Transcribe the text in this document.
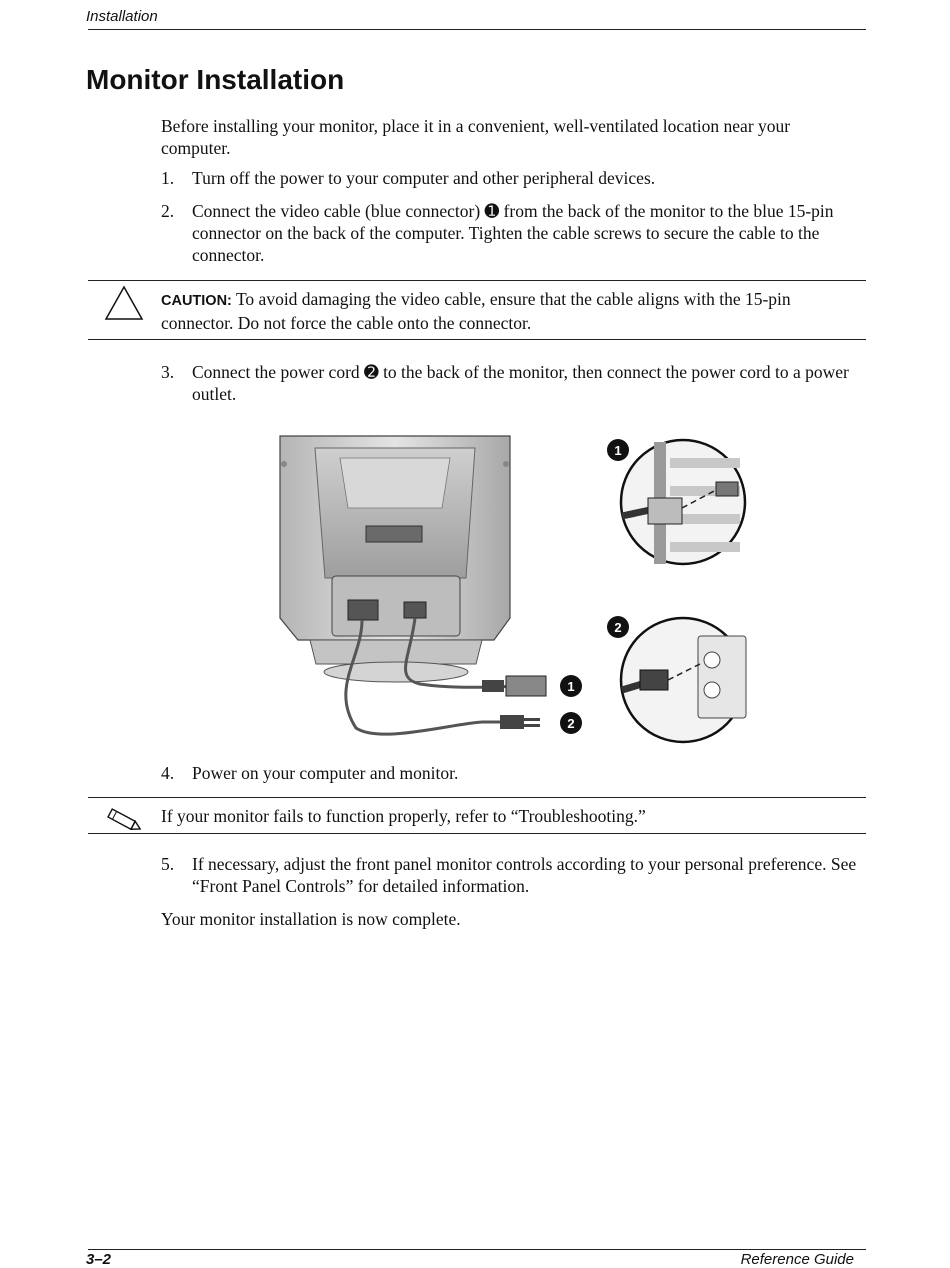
Installation
Monitor Installation
Before installing your monitor, place it in a convenient, well-ventilated location near your computer.
1. Turn off the power to your computer and other peripheral devices.
2. Connect the video cable (blue connector) ➊ from the back of the monitor to the blue 15-pin connector on the back of the computer. Tighten the cable screws to secure the cable to the connector.
CAUTION: To avoid damaging the video cable, ensure that the cable aligns with the 15-pin connector. Do not force the cable onto the connector.
3. Connect the power cord ➋ to the back of the monitor, then connect the power cord to a power outlet.
1
2
1
2
4. Power on your computer and monitor.
If your monitor fails to function properly, refer to “Troubleshooting.”
5. If necessary, adjust the front panel monitor controls according to your personal preference. See “Front Panel Controls” for detailed information.
Your monitor installation is now complete.
3–2	Reference Guide
